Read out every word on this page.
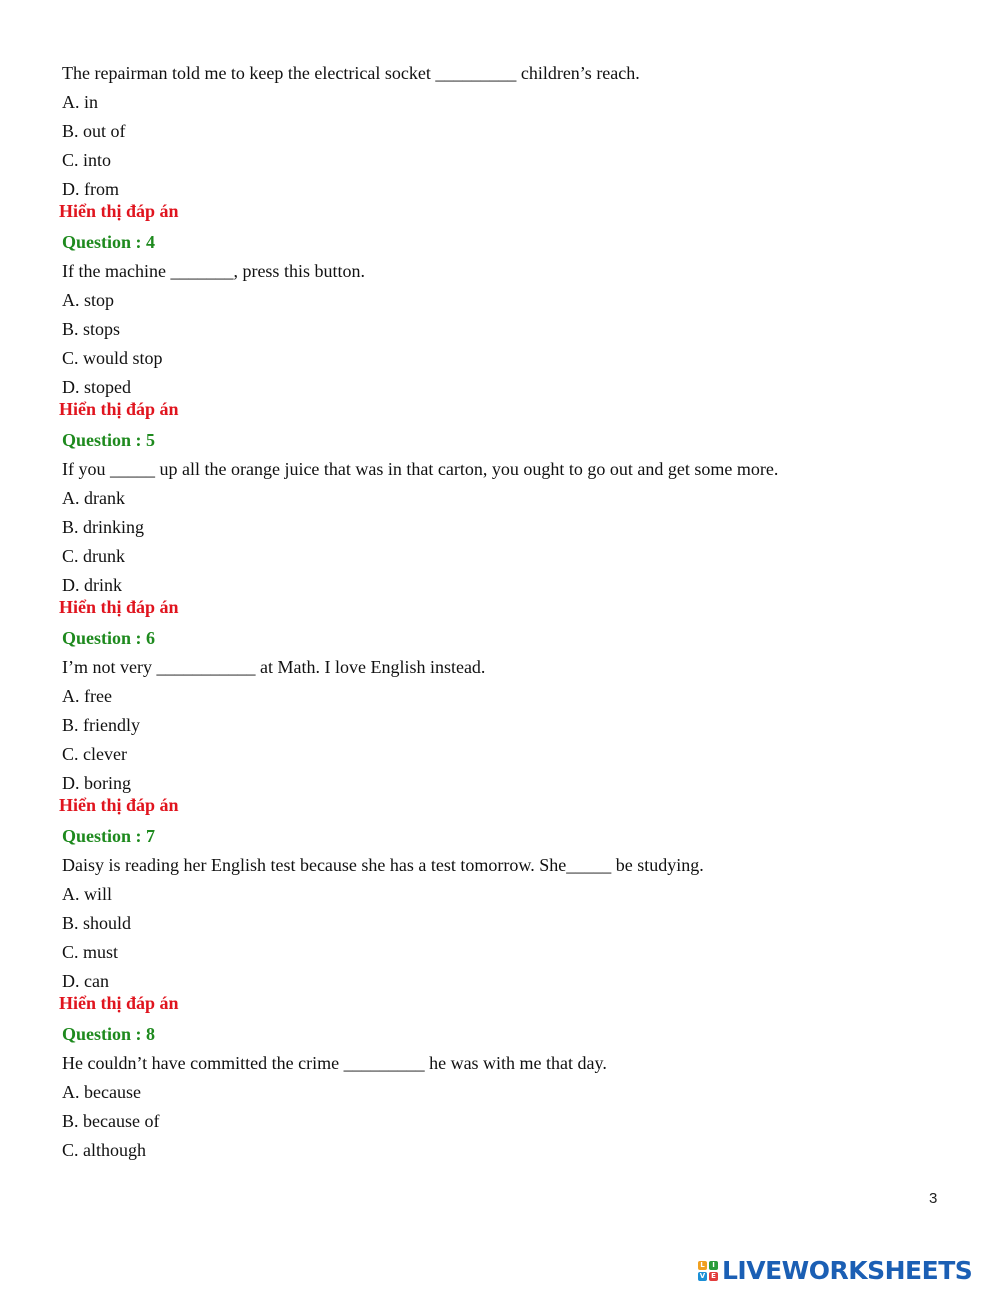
The repairman told me to keep the electrical socket _________ children’s reach.

A. in

B. out of

C. into

D. from

Hiển thị đáp án

Question : 4

If the machine _______, press this button.

A. stop

B. stops

C. would stop

D. stoped

Hiển thị đáp án

Question : 5

If you _____ up all the orange juice that was in that carton, you ought to go out and get some more.

A. drank

B. drinking

C. drunk

D. drink

Hiển thị đáp án

Question : 6

I’m not very ___________ at Math. I love English instead.

A. free

B. friendly

C. clever

D. boring

Hiển thị đáp án

Question : 7

Daisy is reading her English test because she has a test tomorrow. She_____ be studying.

A. will

B. should

C. must

D. can

Hiển thị đáp án

Question : 8

He couldn’t have committed the crime _________ he was with me that day.

A. because

B. because of

C. although

3
L	I
V E LIVEWORKSHEETS
